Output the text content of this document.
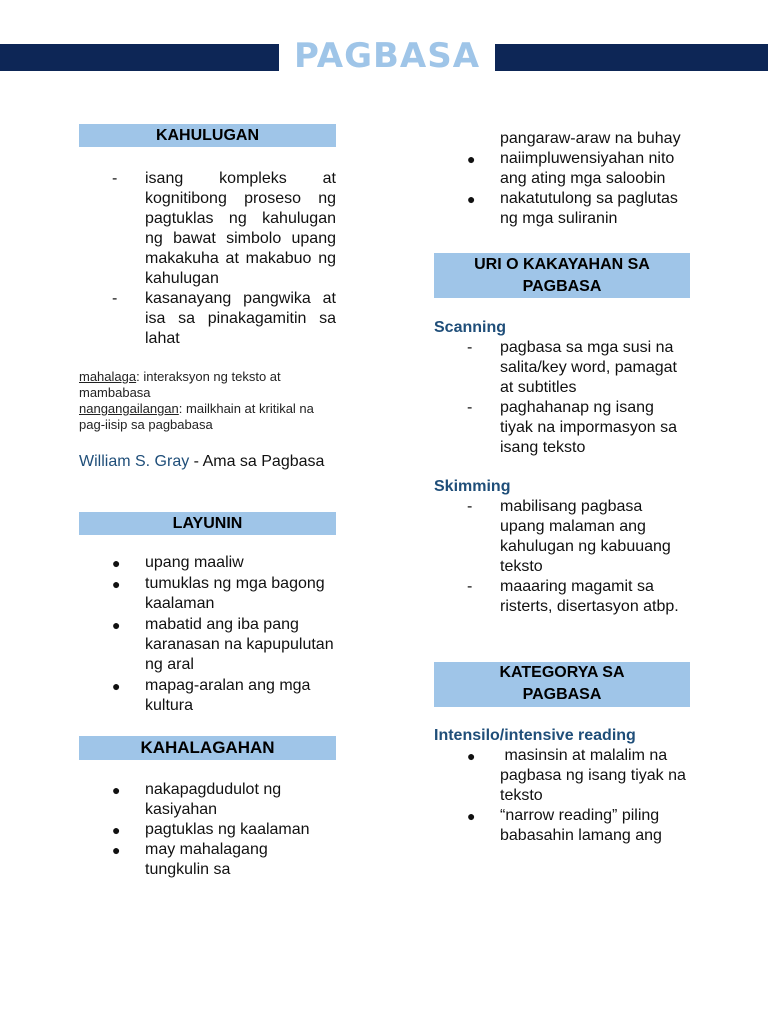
PAGBASA
KAHULUGAN
-	isang kompleks at kognitibong proseso ng pagtuklas ng kahulugan ng bawat simbolo upang makakuha at makabuo ng kahulugan
-	kasanayang pangwika at isa sa pinakagamitin sa lahat
mahalaga: interaksyon ng teksto at mambabasa
nangangailangan: mailkhain at kritikal na pag-iisip sa pagbabasa
William S. Gray - Ama sa Pagbasa
LAYUNIN
●	upang maaliw
●	tumuklas ng mga bagong kaalaman
●	mabatid ang iba pang karanasan na kapupulutan ng aral
●	mapag-aralan ang mga kultura
KAHALAGAHAN
●	nakapagdudulot ng kasiyahan
●	pagtuklas ng kaalaman
●	may mahalagang tungkulin sa
pangaraw-araw na buhay
●	naiimpluwensiyahan nito ang ating mga saloobin
●	nakatutulong sa paglutas ng mga suliranin
URI O KAKAYAHAN SA PAGBASA
Scanning
-	pagbasa sa mga susi na salita/key word, pamagat at subtitles
-	paghahanap ng isang tiyak na impormasyon sa isang teksto
Skimming
-	mabilisang pagbasa upang malaman ang kahulugan ng kabuuang teksto
-	maaaring magamit sa risterts, disertasyon atbp.
KATEGORYA SA PAGBASA
Intensilo/intensive reading
●	masinsin at malalim na pagbasa ng isang tiyak na teksto
●	“narrow reading” piling babasahin lamang ang
